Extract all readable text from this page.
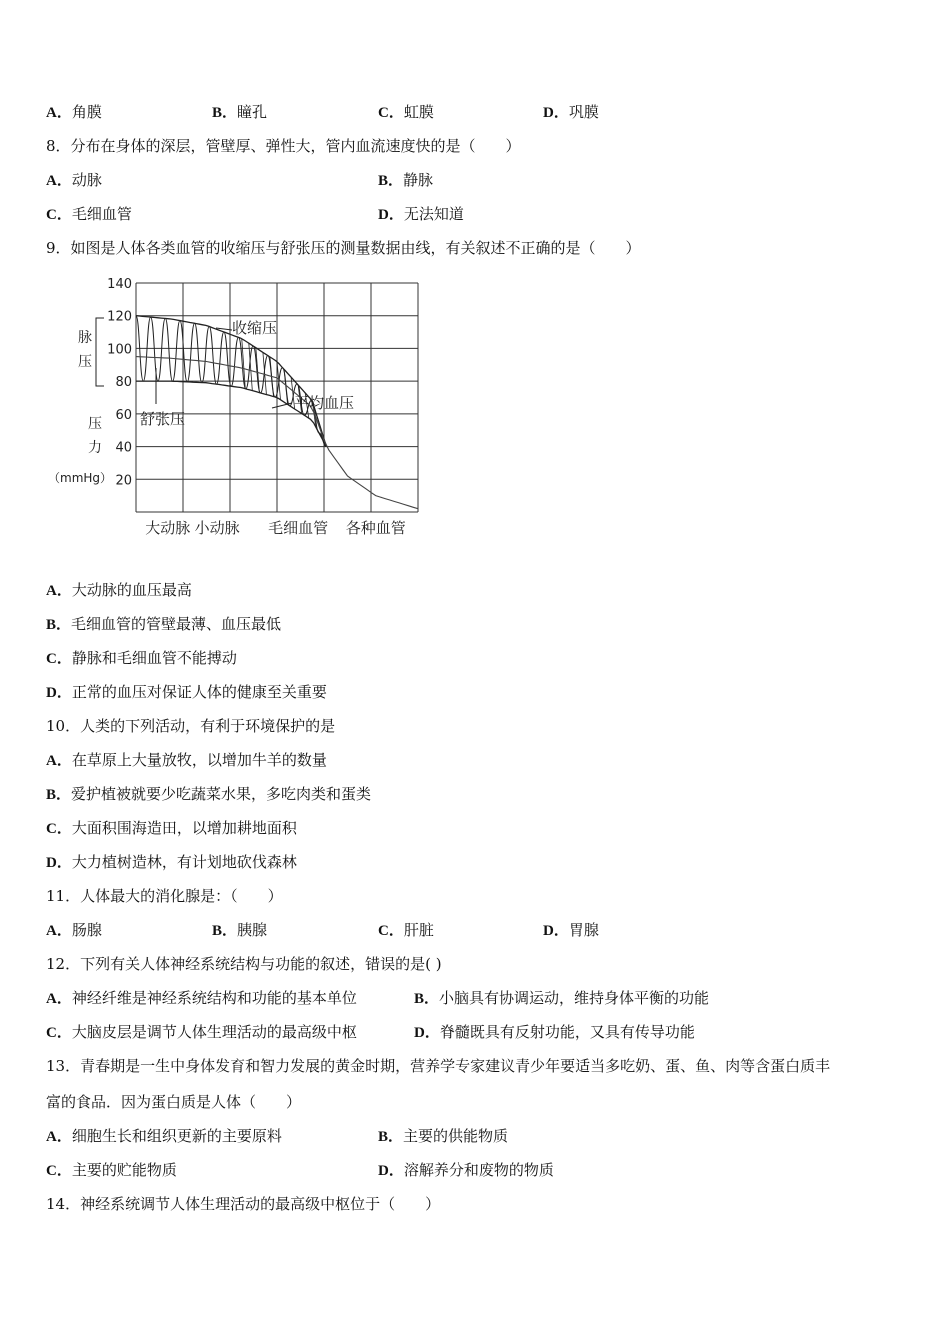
A．角膜	B．瞳孔	C．虹膜	D．巩膜
8．分布在身体的深层，管壁厚、弹性大，管内血流速度快的是（　　）
A．动脉	B．静脉
C．毛细血管	D．无法知道
9．如图是人体各类血管的收缩压与舒张压的测量数据由线，有关叙述不正确的是（　　）
140
120
100
80
60
40
20
大动脉 小动脉 毛细血管 各种血管
脉
压
压
力
（mmHg）
收缩压
平均血压
舒张压
A．大动脉的血压最高
B．毛细血管的管壁最薄、血压最低
C．静脉和毛细血管不能搏动
D．正常的血压对保证人体的健康至关重要
10．人类的下列活动，有利于环境保护的是
A．在草原上大量放牧，以增加牛羊的数量
B．爱护植被就要少吃蔬菜水果，多吃肉类和蛋类
C．大面积围海造田，以增加耕地面积
D．大力植树造林，有计划地砍伐森林
11．人体最大的消化腺是：（　　）
A．肠腺	B．胰腺	C．肝脏	D．胃腺
12．下列有关人体神经系统结构与功能的叙述，错误的是( )
A．神经纤维是神经系统结构和功能的基本单位	B．小脑具有协调运动，维持身体平衡的功能
C．大脑皮层是调节人体生理活动的最高级中枢	D．脊髓既具有反射功能，又具有传导功能
13．青春期是一生中身体发育和智力发展的黄金时期，营养学专家建议青少年要适当多吃奶、蛋、鱼、肉等含蛋白质丰
富的食品．因为蛋白质是人体（　　）
A．细胞生长和组织更新的主要原料	B．主要的供能物质
C．主要的贮能物质	D．溶解养分和废物的物质
14．神经系统调节人体生理活动的最高级中枢位于（　　）
